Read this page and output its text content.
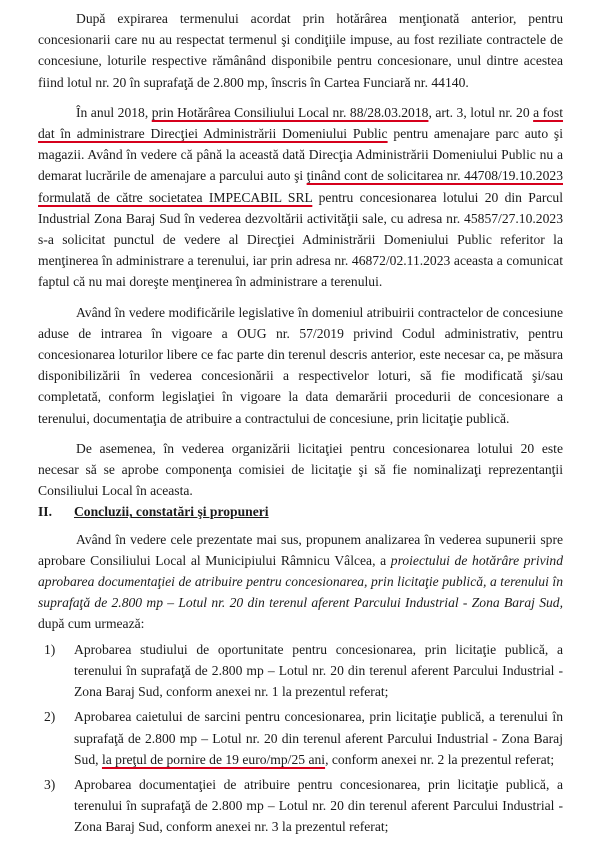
După expirarea termenului acordat prin hotărârea menţionată anterior, pentru concesionarii care nu au respectat termenul şi condiţiile impuse, au fost reziliate contractele de concesiune, loturile respective rămânând disponibile pentru concesionare, unul dintre acestea fiind lotul nr. 20 în suprafaţă de 2.800 mp, înscris în Cartea Funciară nr. 44140.

În anul 2018, prin Hotărârea Consiliului Local nr. 88/28.03.2018, art. 3, lotul nr. 20 a fost dat în administrare Direcţiei Administrării Domeniului Public pentru amenajare parc auto şi magazii. Având în vedere că până la această dată Direcţia Administrării Domeniului Public nu a demarat lucrările de amenajare a parcului auto şi ţinând cont de solicitarea nr. 44708/19.10.2023 formulată de către societatea IMPECABIL SRL pentru concesionarea lotului 20 din Parcul Industrial Zona Baraj Sud în vederea dezvoltării activităţii sale, cu adresa nr. 45857/27.10.2023 s-a solicitat punctul de vedere al Direcţiei Administrării Domeniului Public referitor la menţinerea în administrare a terenului, iar prin adresa nr. 46872/02.11.2023 aceasta a comunicat faptul că nu mai doreşte menţinerea în administrare a terenului.

Având în vedere modificările legislative în domeniul atribuirii contractelor de concesiune aduse de intrarea în vigoare a OUG nr. 57/2019 privind Codul administrativ, pentru concesionarea loturilor libere ce fac parte din terenul descris anterior, este necesar ca, pe măsura disponibilizării în vederea concesionării a respectivelor loturi, să fie modificată şi/sau completată, conform legislaţiei în vigoare la data demarării procedurii de concesionare a terenului, documentaţia de atribuire a contractului de concesiune, prin licitaţie publică.

De asemenea, în vederea organizării licitaţiei pentru concesionarea lotului 20 este necesar să se aprobe componenţa comisiei de licitaţie şi să fie nominalizaţi reprezentanţii Consiliului Local în aceasta.

II. Concluzii, constatări şi propuneri

Având în vedere cele prezentate mai sus, propunem analizarea în vederea supunerii spre aprobare Consiliului Local al Municipiului Râmnicu Vâlcea, a proiectului de hotărâre privind aprobarea documentaţiei de atribuire pentru concesionarea, prin licitaţie publică, a terenului în suprafaţă de 2.800 mp – Lotul nr. 20 din terenul aferent Parcului Industrial - Zona Baraj Sud, după cum urmează:

1) Aprobarea studiului de oportunitate pentru concesionarea, prin licitaţie publică, a terenului în suprafaţă de 2.800 mp – Lotul nr. 20 din terenul aferent Parcului Industrial - Zona Baraj Sud, conform anexei nr. 1 la prezentul referat;
2) Aprobarea caietului de sarcini pentru concesionarea, prin licitaţie publică, a terenului în suprafaţă de 2.800 mp – Lotul nr. 20 din terenul aferent Parcului Industrial - Zona Baraj Sud, la preţul de pornire de 19 euro/mp/25 ani, conform anexei nr. 2 la prezentul referat;
3) Aprobarea documentaţiei de atribuire pentru concesionarea, prin licitaţie publică, a terenului în suprafaţă de 2.800 mp – Lotul nr. 20 din terenul aferent Parcului Industrial - Zona Baraj Sud, conform anexei nr. 3 la prezentul referat;
